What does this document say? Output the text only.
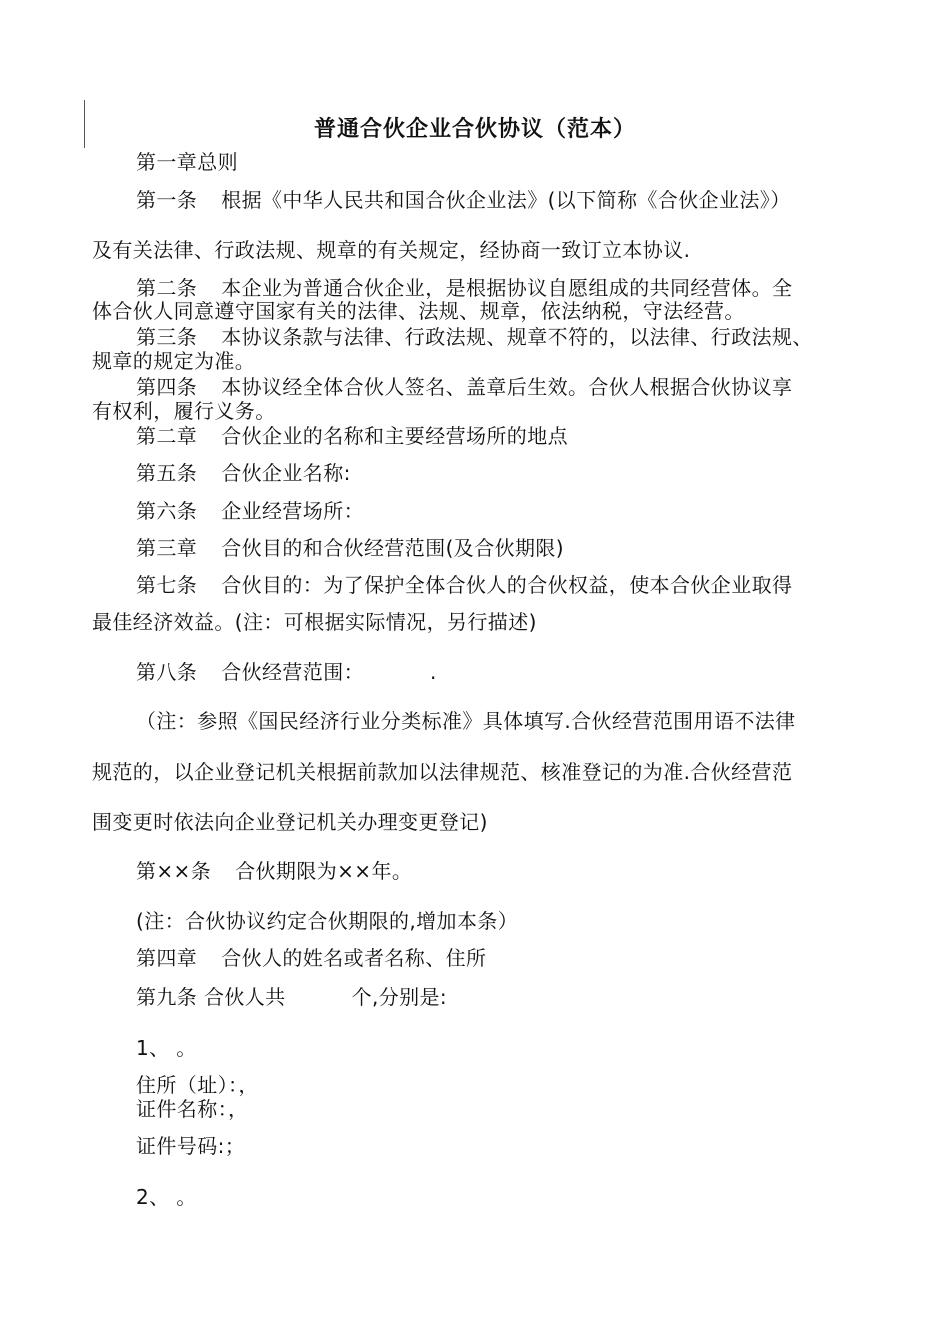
普通合伙企业合伙协议（范本）
第一章总则
第一条 根据《中华人民共和国合伙企业法》(以下简称《合伙企业法》）
及有关法律、行政法规、规章的有关规定，经协商一致订立本协议.
第二条 本企业为普通合伙企业，是根据协议自愿组成的共同经营体。全
体合伙人同意遵守国家有关的法律、法规、规章，依法纳税，守法经营。
第三条 本协议条款与法律、行政法规、规章不符的，以法律、行政法规、
规章的规定为准。
第四条 本协议经全体合伙人签名、盖章后生效。合伙人根据合伙协议享
有权利，履行义务。
第二章 合伙企业的名称和主要经营场所的地点
第五条 合伙企业名称:
第六条 企业经营场所：
第三章 合伙目的和合伙经营范围(及合伙期限)
第七条 合伙目的：为了保护全体合伙人的合伙权益，使本合伙企业取得
最佳经济效益。(注：可根据实际情况，另行描述)
第八条 合伙经营范围：	.
（注：参照《国民经济行业分类标准》具体填写.合伙经营范围用语不法律
规范的，以企业登记机关根据前款加以法律规范、核准登记的为准.合伙经营范
围变更时依法向企业登记机关办理变更登记)
第××条 合伙期限为××年。
(注：合伙协议约定合伙期限的,增加本条）
第四章 合伙人的姓名或者名称、住所
第九条 合伙人共	个,分别是:
1、 。
住所（址）：，
证件名称：，
证件号码:；
2、 。
